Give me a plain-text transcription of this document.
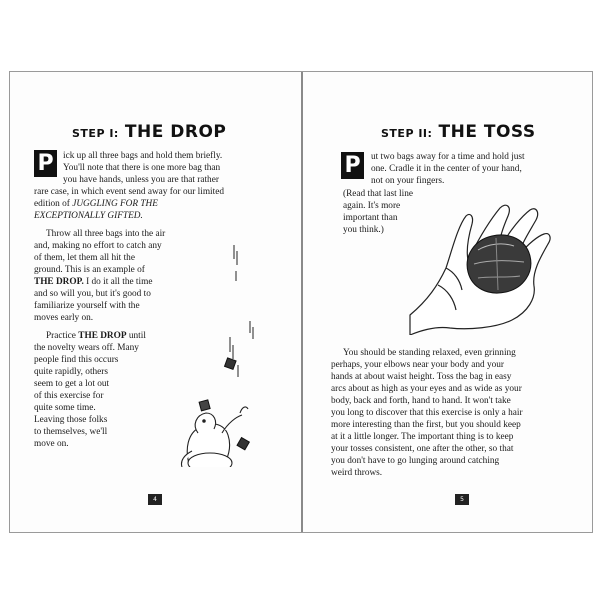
STEP I: THE DROP
P	ick up all three bags and hold them briefly.
You'll note that there is one more bag than
you have hands, unless you are that rather
rare case, in which event send away for our limited
edition of JUGGLING FOR THE
EXCEPTIONALLY GIFTED.
Throw all three bags into the air
and, making no effort to catch any
of them, let them all hit the
ground. This is an example of
THE DROP. I do it all the time
and so will you, but it's good to
familiarize yourself with the
moves early on.
Practice THE DROP until
the novelty wears off. Many
people find this occurs
quite rapidly, others
seem to get a lot out
of this exercise for
quite some time.
Leaving those folks
to themselves, we'll
move on.
4
STEP II: THE TOSS
P	ut two bags away for a time and hold just
one. Cradle it in the center of your hand,
not on your fingers.
(Read that last line
again. It's more
important than
you think.)
You should be standing relaxed, even grinning
perhaps, your elbows near your body and your
hands at about waist height. Toss the bag in easy
arcs about as high as your eyes and as wide as your
body, back and forth, hand to hand. It won't take
you long to discover that this exercise is only a hair
more interesting than the first, but you should keep
at it a little longer. The important thing is to keep
your tosses consistent, one after the other, so that
you don't have to go lunging around catching
weird throws.
5
